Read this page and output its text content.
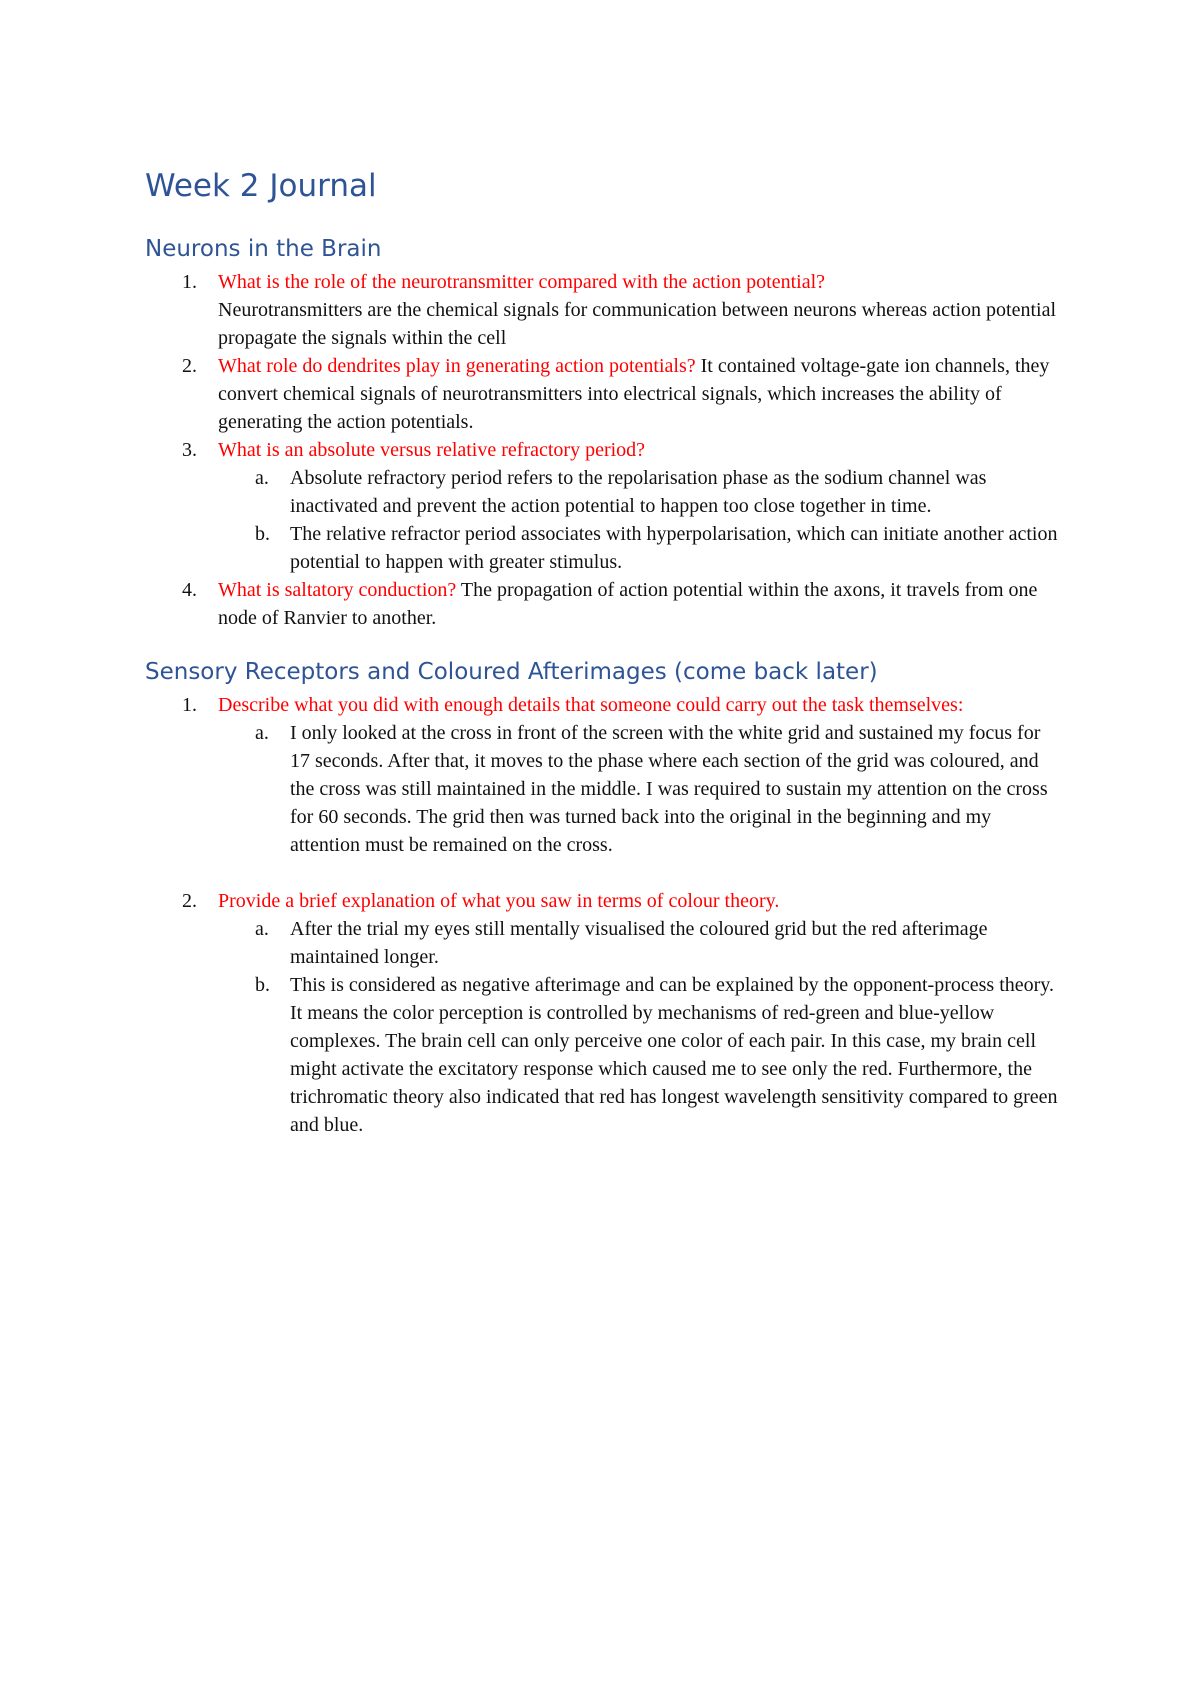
Week 2 Journal
Neurons in the Brain
1. What is the role of the neurotransmitter compared with the action potential?
Neurotransmitters are the chemical signals for communication between neurons whereas action potential propagate the signals within the cell
2. What role do dendrites play in generating action potentials? It contained voltage-gate ion channels, they convert chemical signals of neurotransmitters into electrical signals, which increases the ability of generating the action potentials.
3. What is an absolute versus relative refractory period?
a. Absolute refractory period refers to the repolarisation phase as the sodium channel was inactivated and prevent the action potential to happen too close together in time.
b. The relative refractor period associates with hyperpolarisation, which can initiate another action potential to happen with greater stimulus.
4. What is saltatory conduction? The propagation of action potential within the axons, it travels from one node of Ranvier to another.
Sensory Receptors and Coloured Afterimages (come back later)
1. Describe what you did with enough details that someone could carry out the task themselves:
a. I only looked at the cross in front of the screen with the white grid and sustained my focus for 17 seconds. After that, it moves to the phase where each section of the grid was coloured, and the cross was still maintained in the middle. I was required to sustain my attention on the cross for 60 seconds. The grid then was turned back into the original in the beginning and my attention must be remained on the cross.
2. Provide a brief explanation of what you saw in terms of colour theory.
a. After the trial my eyes still mentally visualised the coloured grid but the red afterimage maintained longer.
b. This is considered as negative afterimage and can be explained by the opponent-process theory. It means the color perception is controlled by mechanisms of red-green and blue-yellow complexes. The brain cell can only perceive one color of each pair. In this case, my brain cell might activate the excitatory response which caused me to see only the red. Furthermore, the trichromatic theory also indicated that red has longest wavelength sensitivity compared to green and blue.
